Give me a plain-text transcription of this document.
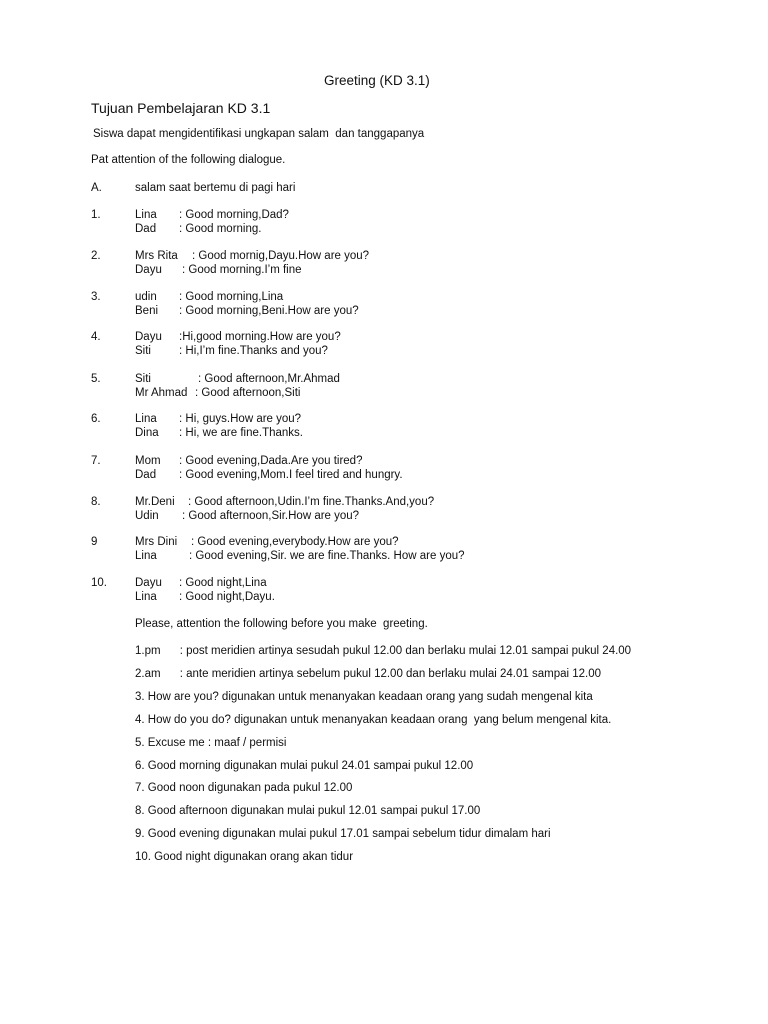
Greeting (KD 3.1)
Tujuan Pembelajaran KD 3.1
Siswa dapat mengidentifikasi ungkapan salam  dan tanggapanya
Pat attention of the following dialogue.
A.	salam saat bertemu di pagi hari
1.	Lina : Good morning,Dad?
Dad : Good morning.
2.	Mrs Rita : Good mornig,Dayu.How are you?
Dayu : Good morning.I’m fine
3.	udin : Good morning,Lina
Beni : Good morning,Beni.How are you?
4.	Dayu :Hi,good morning.How are you?
Siti : Hi,I’m fine.Thanks and you?
5.	Siti	: Good afternoon,Mr.Ahmad
Mr Ahmad : Good afternoon,Siti
6.	Lina : Hi, guys.How are you?
Dina : Hi, we are fine.Thanks.
7.	Mom : Good evening,Dada.Are you tired?
Dad : Good evening,Mom.I feel tired and hungry.
8.	Mr.Deni : Good afternoon,Udin.I’m fine.Thanks.And,you?
Udin : Good afternoon,Sir.How are you?
9	Mrs Dini : Good evening,everybody.How are you?
Lina	: Good evening,Sir. we are fine.Thanks. How are you?
10. Dayu : Good night,Lina
Lina : Good night,Dayu.
Please, attention the following before you make  greeting.
1.pm      : post meridien artinya sesudah pukul 12.00 dan berlaku mulai 12.01 sampai pukul 24.00
2.am      : ante meridien artinya sebelum pukul 12.00 dan berlaku mulai 24.01 sampai 12.00
3. How are you? digunakan untuk menanyakan keadaan orang yang sudah mengenal kita
4. How do you do? digunakan untuk menanyakan keadaan orang  yang belum mengenal kita.
5. Excuse me : maaf / permisi
6. Good morning digunakan mulai pukul 24.01 sampai pukul 12.00
7. Good noon digunakan pada pukul 12.00
8. Good afternoon digunakan mulai pukul 12.01 sampai pukul 17.00
9. Good evening digunakan mulai pukul 17.01 sampai sebelum tidur dimalam hari
10. Good night digunakan orang akan tidur
